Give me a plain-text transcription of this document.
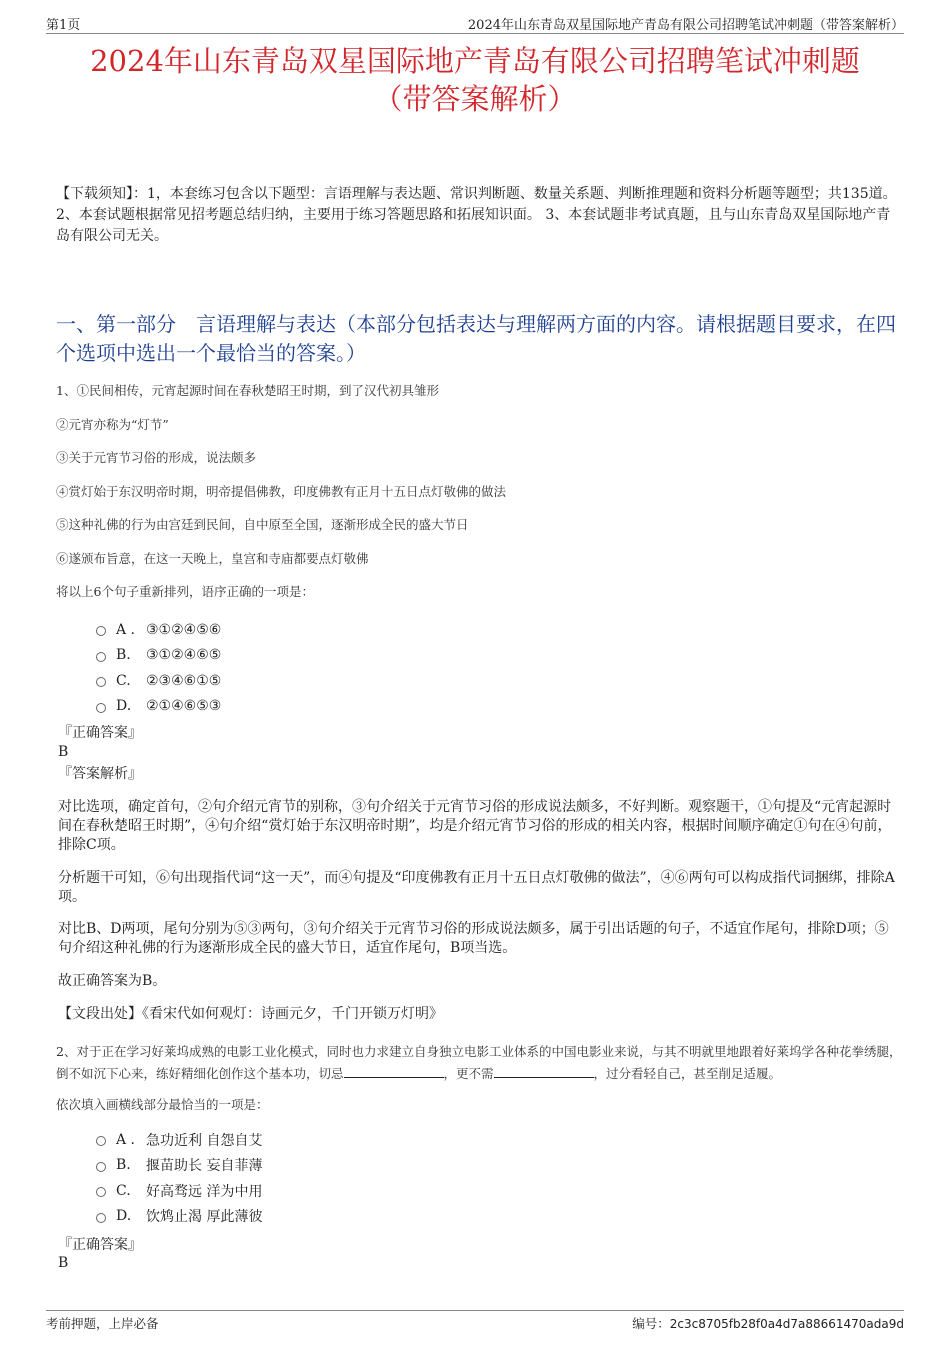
第1页	2024年山东青岛双星国际地产青岛有限公司招聘笔试冲刺题（带答案解析）
2024年山东青岛双星国际地产青岛有限公司招聘笔试冲刺题
（带答案解析）
【下载须知】：1，本套练习包含以下题型：言语理解与表达题、常识判断题、数量关系题、判断推理题和资料分析题等题型；共135道。 2、本套试题根据常见招考题总结归纳，主要用于练习答题思路和拓展知识面。 3、本套试题非考试真题，且与山东青岛双星国际地产青岛有限公司无关。
一、第一部分　言语理解与表达（本部分包括表达与理解两方面的内容。请根据题目要求，在四个选项中选出一个最恰当的答案。）
1、①民间相传，元宵起源时间在春秋楚昭王时期，到了汉代初具雏形
②元宵亦称为“灯节”
③关于元宵节习俗的形成，说法颇多
④赏灯始于东汉明帝时期，明帝提倡佛教，印度佛教有正月十五日点灯敬佛的做法
⑤这种礼佛的行为由宫廷到民间，自中原至全国，逐渐形成全民的盛大节日
⑥遂颁布旨意，在这一天晚上，皇宫和寺庙都要点灯敬佛
将以上6个句子重新排列，语序正确的一项是：
A . ③①②④⑤⑥
B.	③①②④⑥⑤
C.	②③④⑥①⑤
D.	②①④⑥⑤③
『正确答案』
B
『答案解析』
对比选项，确定首句，②句介绍元宵节的别称，③句介绍关于元宵节习俗的形成说法颇多，不好判断。观察题干，①句提及“元宵起源时间在春秋楚昭王时期”，④句介绍“赏灯始于东汉明帝时期”，均是介绍元宵节习俗的形成的相关内容，根据时间顺序确定①句在④句前，排除C项。
分析题干可知，⑥句出现指代词“这一天”，而④句提及“印度佛教有正月十五日点灯敬佛的做法”，④⑥两句可以构成指代词捆绑，排除A项。
对比B、D两项，尾句分别为⑤③两句，③句介绍关于元宵节习俗的形成说法颇多，属于引出话题的句子，不适宜作尾句，排除D项；⑤句介绍这种礼佛的行为逐渐形成全民的盛大节日，适宜作尾句，B项当选。
故正确答案为B。
【文段出处】《看宋代如何观灯：诗画元夕，千门开锁万灯明》
2、对于正在学习好莱坞成熟的电影工业化模式，同时也力求建立自身独立电影工业体系的中国电影业来说，与其不明就里地跟着好莱坞学各种花拳绣腿，倒不如沉下心来，练好精细化创作这个基本功，切忌	，更不需	，过分看轻自己，甚至削足适履。
依次填入画横线部分最恰当的一项是：
A . 急功近利 自怨自艾
B.	揠苗助长 妄自菲薄
C.	好高骛远 洋为中用
D.	饮鸩止渴 厚此薄彼
『正确答案』
B
考前押题，上岸必备	编号：2c3c8705fb28f0a4d7a88661470ada9d
